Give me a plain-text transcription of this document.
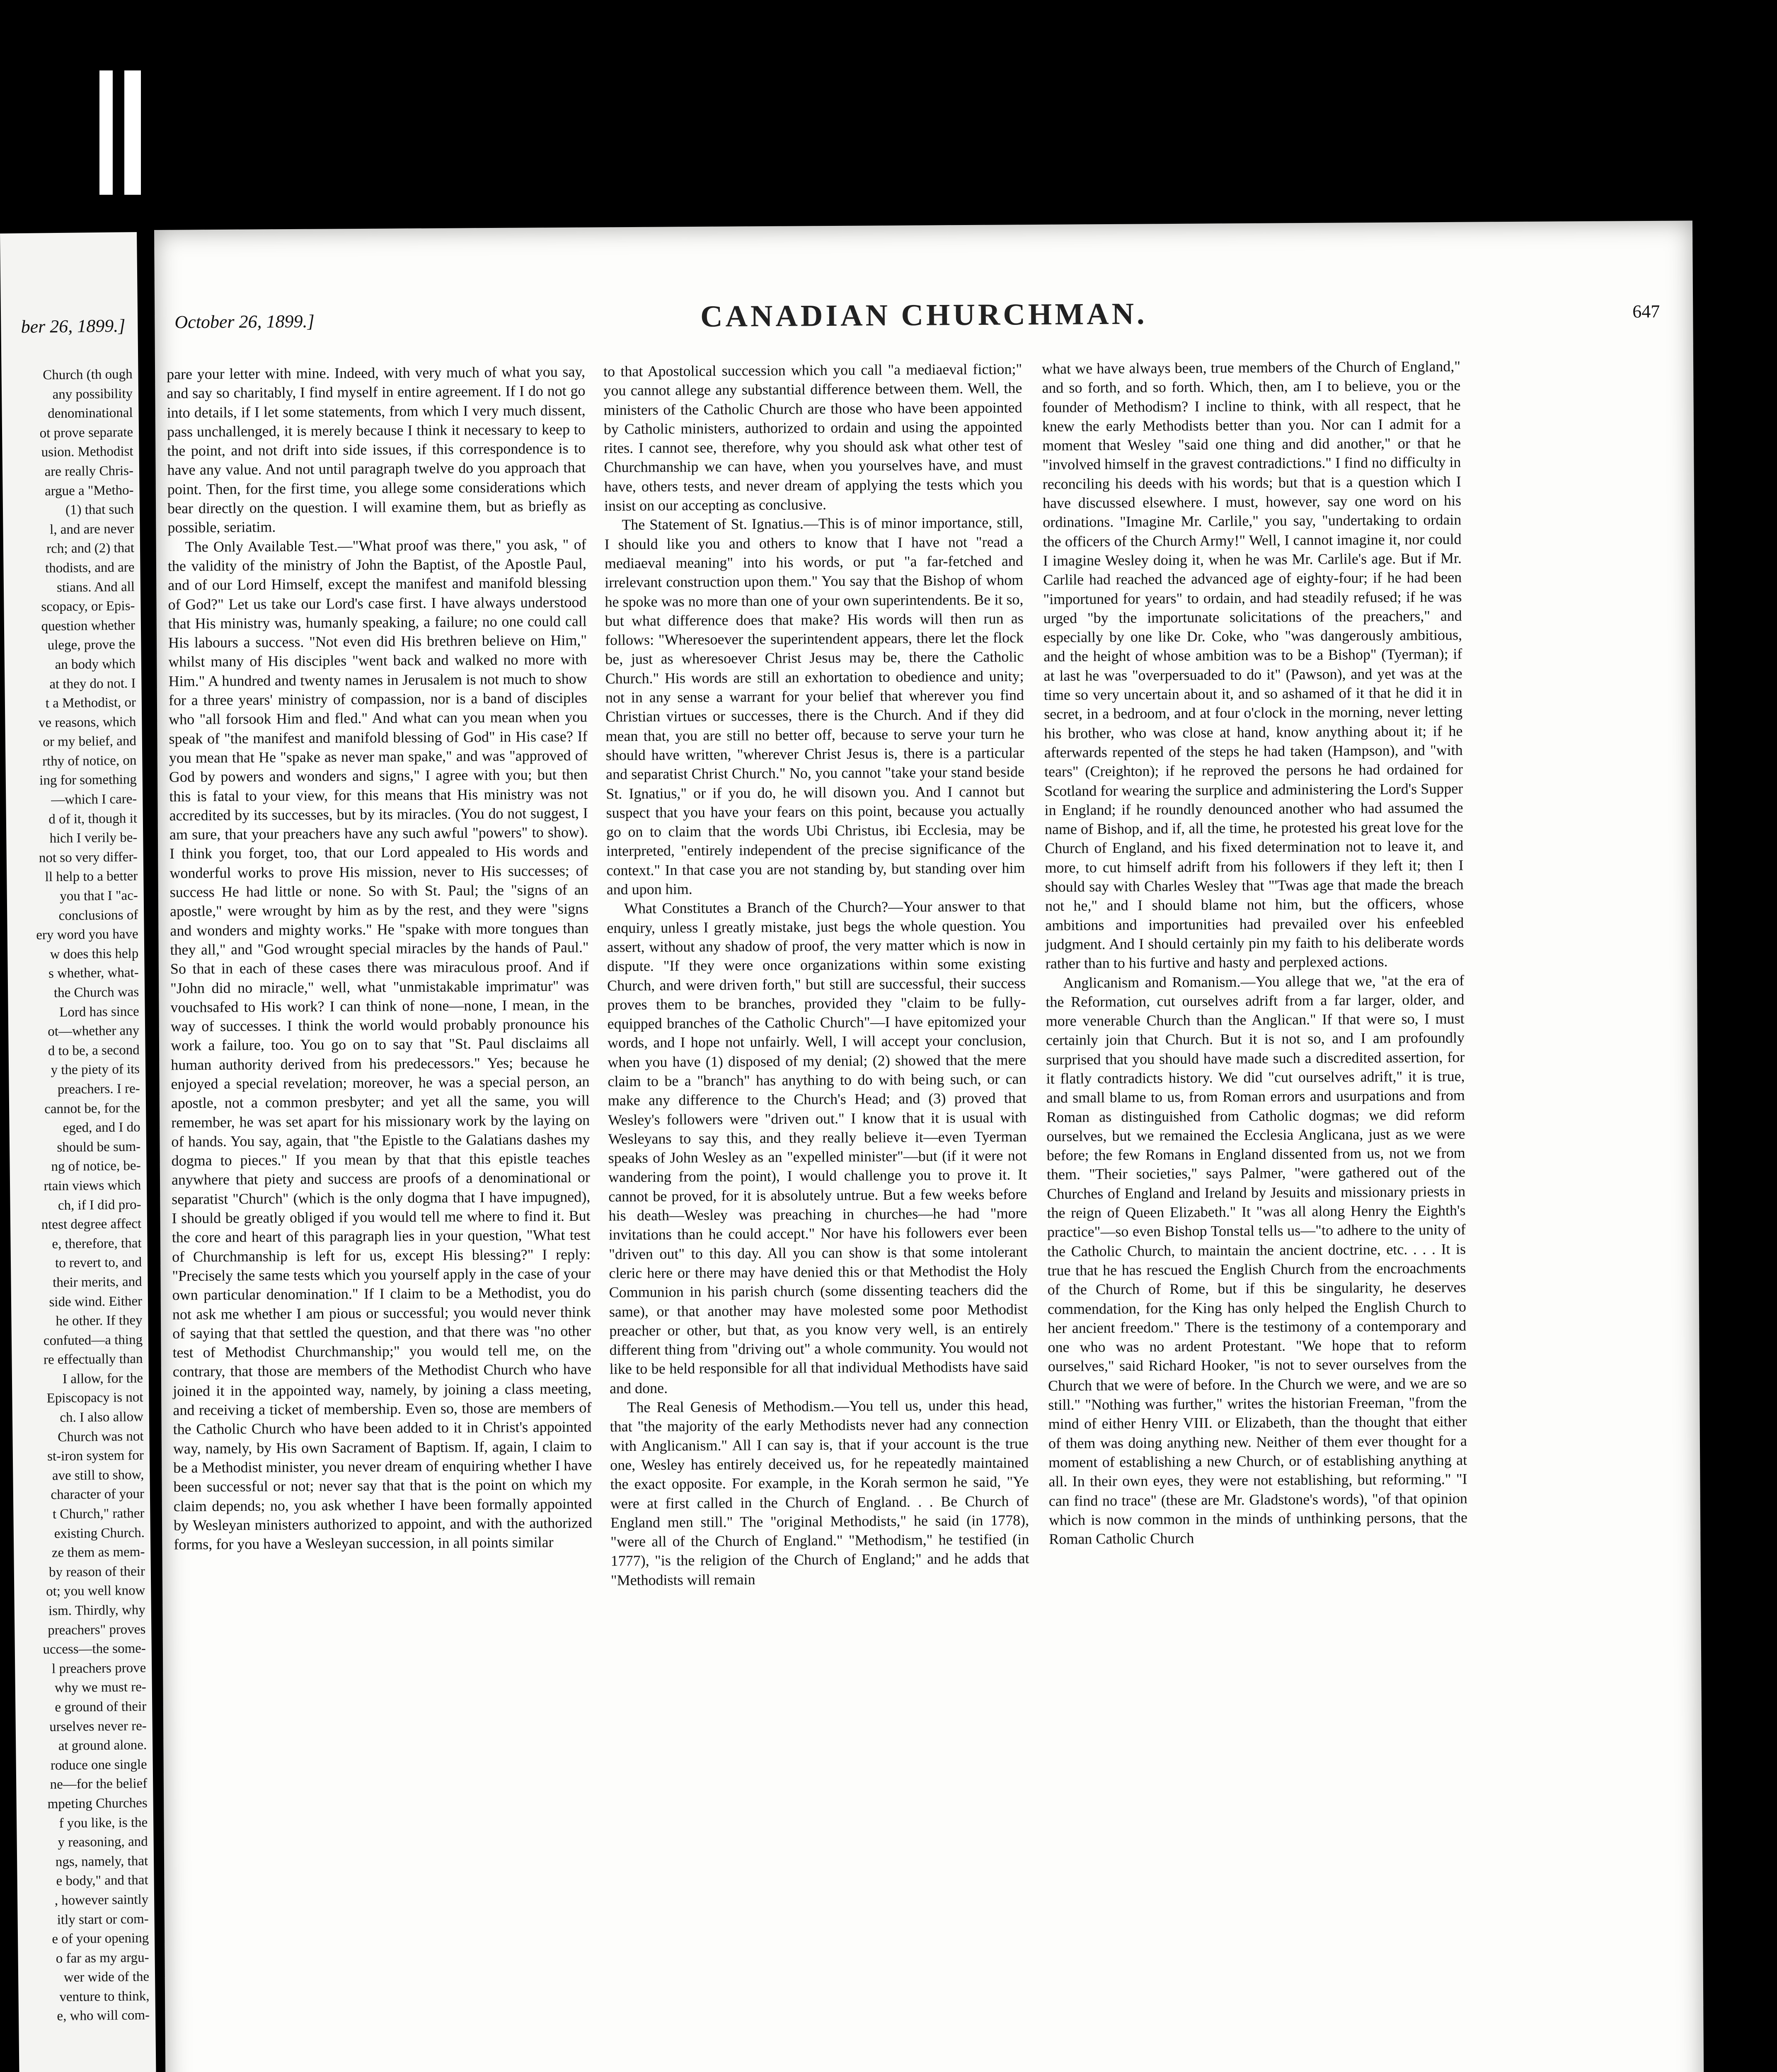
ber 26, 1899.]
Church (th ough
any possibility
denominational
ot prove separate
usion. Methodist
are really Chris-
argue a "Metho-
(1) that such
l, and are never
rch; and (2) that
thodists, and are
stians. And all
scopacy, or Epis-
question whether
ulege, prove the
an body which
at they do not. I
t a Methodist, or
ve reasons, which
or my belief, and
rthy of notice, on
ing for something
—which I care-
d of it, though it
hich I verily be-
not so very differ-
ll help to a better
you that I "ac-
conclusions of
ery word you have
w does this help
s whether, what-
the Church was
Lord has since
ot—whether any
d to be, a second
y the piety of its
preachers. I re-
cannot be, for the
eged, and I do
should be sum-
ng of notice, be-
rtain views which
ch, if I did pro-
ntest degree affect
e, therefore, that
to revert to, and
their merits, and
side wind. Either
he other. If they
confuted—a thing
re effectually than
I allow, for the
Episcopacy is not
ch. I also allow
Church was not
st-iron system for
ave still to show,
character of your
t Church," rather
existing Church.
ze them as mem-
by reason of their
ot; you well know
ism. Thirdly, why
preachers" proves
uccess—the some-
l preachers prove
why we must re-
e ground of their
urselves never re-
at ground alone.
roduce one single
ne—for the belief
mpeting Churches
f you like, is the
y reasoning, and
ngs, namely, that
e body," and that
, however saintly
itly start or com-
e of your opening
o far as my argu-
wer wide of the
venture to think,
e, who will com-
October 26, 1899.]	CANADIAN CHURCHMAN.	647

pare your letter with mine. Indeed, with very much of what you say, and say so charitably, I find myself in entire agreement. If I do not go into details, if I let some statements, from which I very much dissent, pass unchallenged, it is merely because I think it necessary to keep to the point, and not drift into side issues, if this correspondence is to have any value. And not until paragraph twelve do you approach that point. Then, for the first time, you allege some considerations which bear directly on the question. I will examine them, but as briefly as possible, seriatim.

The Only Available Test.—"What proof was there," you ask, " of the validity of the ministry of John the Baptist, of the Apostle Paul, and of our Lord Himself, except the manifest and manifold blessing of God?" Let us take our Lord's case first. I have always understood that His ministry was, humanly speaking, a failure; no one could call His labours a success. "Not even did His brethren believe on Him," whilst many of His disciples "went back and walked no more with Him." A hundred and twenty names in Jerusalem is not much to show for a three years' ministry of compassion, nor is a band of disciples who "all forsook Him and fled." And what can you mean when you speak of "the manifest and manifold blessing of God" in His case? If you mean that He "spake as never man spake," and was "approved of God by powers and wonders and signs," I agree with you; but then this is fatal to your view, for this means that His ministry was not accredited by its successes, but by its miracles. (You do not suggest, I am sure, that your preachers have any such awful "powers" to show). I think you forget, too, that our Lord appealed to His words and wonderful works to prove His mission, never to His successes; of success He had little or none. So with St. Paul; the "signs of an apostle," were wrought by him as by the rest, and they were "signs and wonders and mighty works." He "spake with more tongues than they all," and "God wrought special miracles by the hands of Paul." So that in each of these cases there was miraculous proof. And if "John did no miracle," well, what "unmistakable imprimatur" was vouchsafed to His work? I can think of none—none, I mean, in the way of successes. I think the world would probably pronounce his work a failure, too. You go on to say that "St. Paul disclaims all human authority derived from his predecessors." Yes; because he enjoyed a special revelation; moreover, he was a special person, an apostle, not a common presbyter; and yet all the same, you will remember, he was set apart for his missionary work by the laying on of hands. You say, again, that "the Epistle to the Galatians dashes my dogma to pieces." If you mean by that that this epistle teaches anywhere that piety and success are proofs of a denominational or separatist "Church" (which is the only dogma that I have impugned), I should be greatly obliged if you would tell me where to find it. But the core and heart of this paragraph lies in your question, "What test of Churchmanship is left for us, except His blessing?" I reply: "Precisely the same tests which you yourself apply in the case of your own particular denomination." If I claim to be a Methodist, you do not ask me whether I am pious or successful; you would never think of saying that that settled the question, and that there was "no other test of Methodist Churchmanship;" you would tell me, on the contrary, that those are members of the Methodist Church who have joined it in the appointed way, namely, by joining a class meeting, and receiving a ticket of membership. Even so, those are members of the Catholic Church who have been added to it in Christ's appointed way, namely, by His own Sacrament of Baptism. If, again, I claim to be a Methodist minister, you never dream of enquiring whether I have been successful or not; never say that that is the point on which my claim depends; no, you ask whether I have been formally appointed by Wesleyan ministers authorized to appoint, and with the authorized forms, for you have a Wesleyan succession, in all points similar

to that Apostolical succession which you call "a mediaeval fiction;" you cannot allege any substantial difference between them. Well, the ministers of the Catholic Church are those who have been appointed by Catholic ministers, authorized to ordain and using the appointed rites. I cannot see, therefore, why you should ask what other test of Churchmanship we can have, when you yourselves have, and must have, others tests, and never dream of applying the tests which you insist on our accepting as conclusive.

The Statement of St. Ignatius.—This is of minor importance, still, I should like you and others to know that I have not "read a mediaeval meaning" into his words, or put "a far-fetched and irrelevant construction upon them." You say that the Bishop of whom he spoke was no more than one of your own superintendents. Be it so, but what difference does that make? His words will then run as follows: "Wheresoever the superintendent appears, there let the flock be, just as wheresoever Christ Jesus may be, there the Catholic Church." His words are still an exhortation to obedience and unity; not in any sense a warrant for your belief that wherever you find Christian virtues or successes, there is the Church. And if they did mean that, you are still no better off, because to serve your turn he should have written, "wherever Christ Jesus is, there is a particular and separatist Christ Church." No, you cannot "take your stand beside St. Ignatius," or if you do, he will disown you. And I cannot but suspect that you have your fears on this point, because you actually go on to claim that the words Ubi Christus, ibi Ecclesia, may be interpreted, "entirely independent of the precise significance of the context." In that case you are not standing by, but standing over him and upon him.

What Constitutes a Branch of the Church?—Your answer to that enquiry, unless I greatly mistake, just begs the whole question. You assert, without any shadow of proof, the very matter which is now in dispute. "If they were once organizations within some existing Church, and were driven forth," but still are successful, their success proves them to be branches, provided they "claim to be fully-equipped branches of the Catholic Church"—I have epitomized your words, and I hope not unfairly. Well, I will accept your conclusion, when you have (1) disposed of my denial; (2) showed that the mere claim to be a "branch" has anything to do with being such, or can make any difference to the Church's Head; and (3) proved that Wesley's followers were "driven out." I know that it is usual with Wesleyans to say this, and they really believe it—even Tyerman speaks of John Wesley as an "expelled minister"—but (if it were not wandering from the point), I would challenge you to prove it. It cannot be proved, for it is absolutely untrue. But a few weeks before his death—Wesley was preaching in churches—he had "more invitations than he could accept." Nor have his followers ever been "driven out" to this day. All you can show is that some intolerant cleric here or there may have denied this or that Methodist the Holy Communion in his parish church (some dissenting teachers did the same), or that another may have molested some poor Methodist preacher or other, but that, as you know very well, is an entirely different thing from "driving out" a whole community. You would not like to be held responsible for all that individual Methodists have said and done.

The Real Genesis of Methodism.—You tell us, under this head, that "the majority of the early Methodists never had any connection with Anglicanism." All I can say is, that if your account is the true one, Wesley has entirely deceived us, for he repeatedly maintained the exact opposite. For example, in the Korah sermon he said, "Ye were at first called in the Church of England. . . Be Church of England men still." The "original Methodists," he said (in 1778), "were all of the Church of England." "Methodism," he testified (in 1777), "is the religion of the Church of England;" and he adds that "Methodists will remain

what we have always been, true members of the Church of England," and so forth, and so forth. Which, then, am I to believe, you or the founder of Methodism? I incline to think, with all respect, that he knew the early Methodists better than you. Nor can I admit for a moment that Wesley "said one thing and did another," or that he "involved himself in the gravest contradictions." I find no difficulty in reconciling his deeds with his words; but that is a question which I have discussed elsewhere. I must, however, say one word on his ordinations. "Imagine Mr. Carlile," you say, "undertaking to ordain the officers of the Church Army!" Well, I cannot imagine it, nor could I imagine Wesley doing it, when he was Mr. Carlile's age. But if Mr. Carlile had reached the advanced age of eighty-four; if he had been "importuned for years" to ordain, and had steadily refused; if he was urged "by the importunate solicitations of the preachers," and especially by one like Dr. Coke, who "was dangerously ambitious, and the height of whose ambition was to be a Bishop" (Tyerman); if at last he was "overpersuaded to do it" (Pawson), and yet was at the time so very uncertain about it, and so ashamed of it that he did it in secret, in a bedroom, and at four o'clock in the morning, never letting his brother, who was close at hand, know anything about it; if he afterwards repented of the steps he had taken (Hampson), and "with tears" (Creighton); if he reproved the persons he had ordained for Scotland for wearing the surplice and administering the Lord's Supper in England; if he roundly denounced another who had assumed the name of Bishop, and if, all the time, he protested his great love for the Church of England, and his fixed determination not to leave it, and more, to cut himself adrift from his followers if they left it; then I should say with Charles Wesley that "'Twas age that made the breach not he," and I should blame not him, but the officers, whose ambitions and importunities had prevailed over his enfeebled judgment. And I should certainly pin my faith to his deliberate words rather than to his furtive and hasty and perplexed actions.

Anglicanism and Romanism.—You allege that we, "at the era of the Reformation, cut ourselves adrift from a far larger, older, and more venerable Church than the Anglican." If that were so, I must certainly join that Church. But it is not so, and I am profoundly surprised that you should have made such a discredited assertion, for it flatly contradicts history. We did "cut ourselves adrift," it is true, and small blame to us, from Roman errors and usurpations and from Roman as distinguished from Catholic dogmas; we did reform ourselves, but we remained the Ecclesia Anglicana, just as we were before; the few Romans in England dissented from us, not we from them. "Their societies," says Palmer, "were gathered out of the Churches of England and Ireland by Jesuits and missionary priests in the reign of Queen Elizabeth." It "was all along Henry the Eighth's practice"—so even Bishop Tonstal tells us—"to adhere to the unity of the Catholic Church, to maintain the ancient doctrine, etc. . . . It is true that he has rescued the English Church from the encroachments of the Church of Rome, but if this be singularity, he deserves commendation, for the King has only helped the English Church to her ancient freedom." There is the testimony of a contemporary and one who was no ardent Protestant. "We hope that to reform ourselves," said Richard Hooker, "is not to sever ourselves from the Church that we were of before. In the Church we were, and we are so still." "Nothing was further," writes the historian Freeman, "from the mind of either Henry VIII. or Elizabeth, than the thought that either of them was doing anything new. Neither of them ever thought for a moment of establishing a new Church, or of establishing anything at all. In their own eyes, they were not establishing, but reforming." "I can find no trace" (these are Mr. Gladstone's words), "of that opinion which is now common in the minds of unthinking persons, that the Roman Catholic Church
